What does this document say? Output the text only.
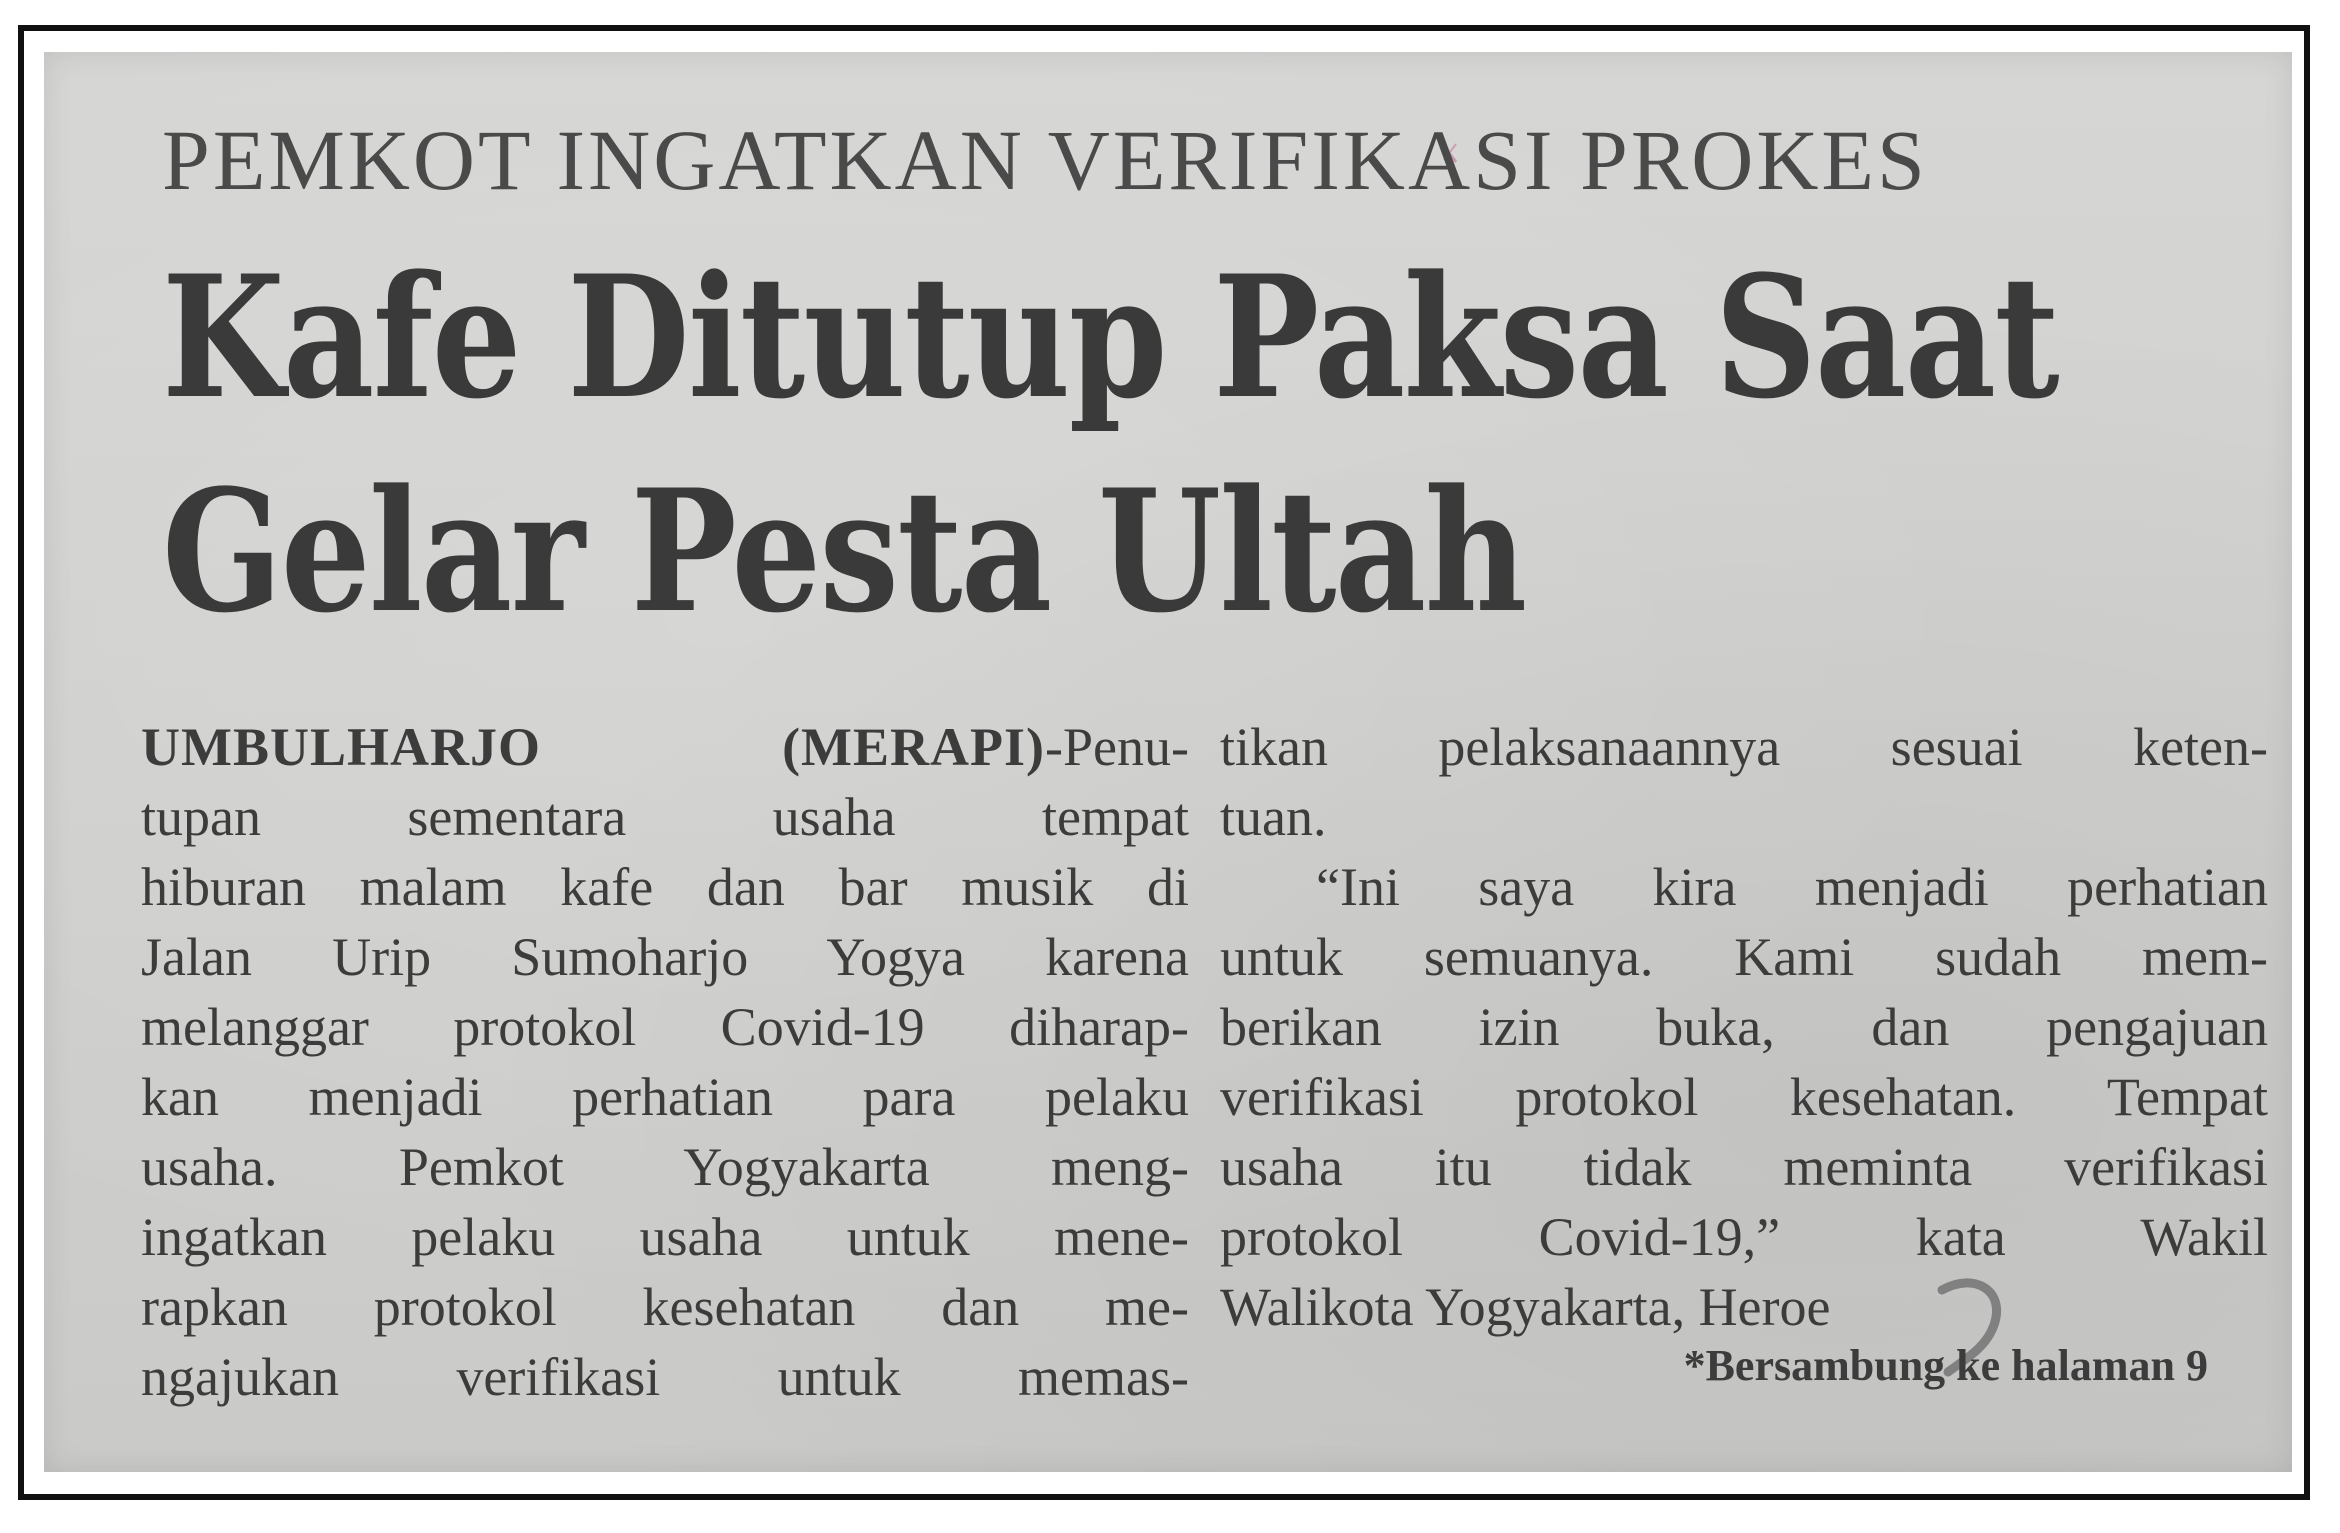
PEMKOT INGATKAN VERIFIKASI PROKES
Kafe Ditutup Paksa Saat
Gelar Pesta Ultah
UMBULHARJO (MERAPI)-Penu-
tupan sementara usaha tempat
hiburan malam kafe dan bar musik di
Jalan Urip Sumoharjo Yogya karena
melanggar protokol Covid-19 diharap-
kan menjadi perhatian para pelaku
usaha. Pemkot Yogyakarta meng-
ingatkan pelaku usaha untuk mene-
rapkan protokol kesehatan dan me-
ngajukan verifikasi untuk memas-
tikan pelaksanaannya sesuai keten-
tuan.
“Ini saya kira menjadi perhatian
untuk semuanya. Kami sudah mem-
berikan izin buka, dan pengajuan
verifikasi protokol kesehatan. Tempat
usaha itu tidak meminta verifikasi
protokol Covid-19,” kata Wakil
Walikota Yogyakarta, Heroe
*Bersambung ke halaman 9
